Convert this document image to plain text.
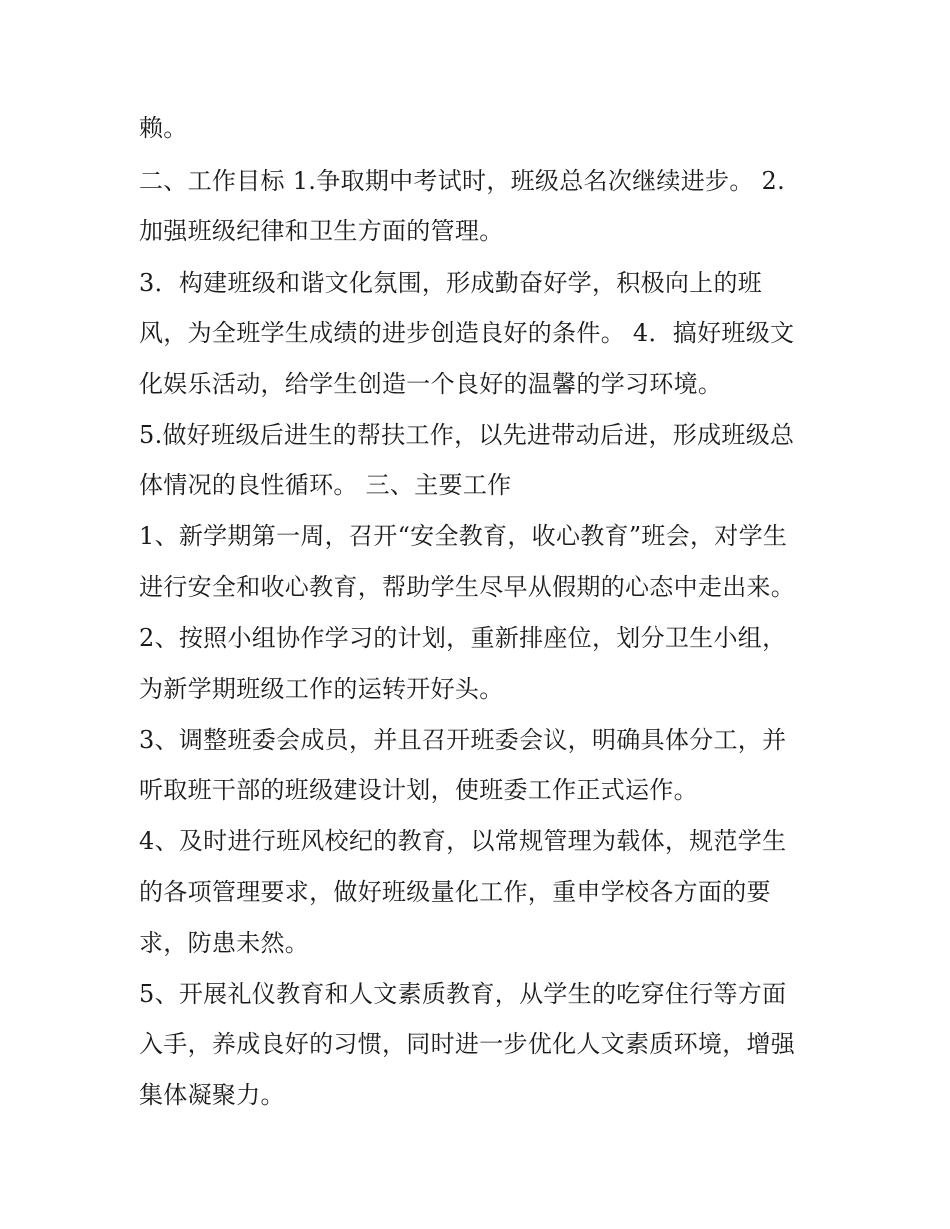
赖。
二、工作目标 1.争取期中考试时，班级总名次继续进步。 2.
加强班级纪律和卫生方面的管理。
3．构建班级和谐文化氛围，形成勤奋好学，积极向上的班
风，为全班学生成绩的进步创造良好的条件。 4．搞好班级文
化娱乐活动，给学生创造一个良好的温馨的学习环境。
5.做好班级后进生的帮扶工作，以先进带动后进，形成班级总
体情况的良性循环。 三、主要工作
1、新学期第一周，召开“安全教育，收心教育”班会，对学生
进行安全和收心教育，帮助学生尽早从假期的心态中走出来。
2、按照小组协作学习的计划，重新排座位，划分卫生小组，
为新学期班级工作的运转开好头。
3、调整班委会成员，并且召开班委会议，明确具体分工，并
听取班干部的班级建设计划，使班委工作正式运作。
4、及时进行班风校纪的教育，以常规管理为载体，规范学生
的各项管理要求，做好班级量化工作，重申学校各方面的要
求，防患未然。
5、开展礼仪教育和人文素质教育，从学生的吃穿住行等方面
入手，养成良好的习惯，同时进一步优化人文素质环境，增强
集体凝聚力。
